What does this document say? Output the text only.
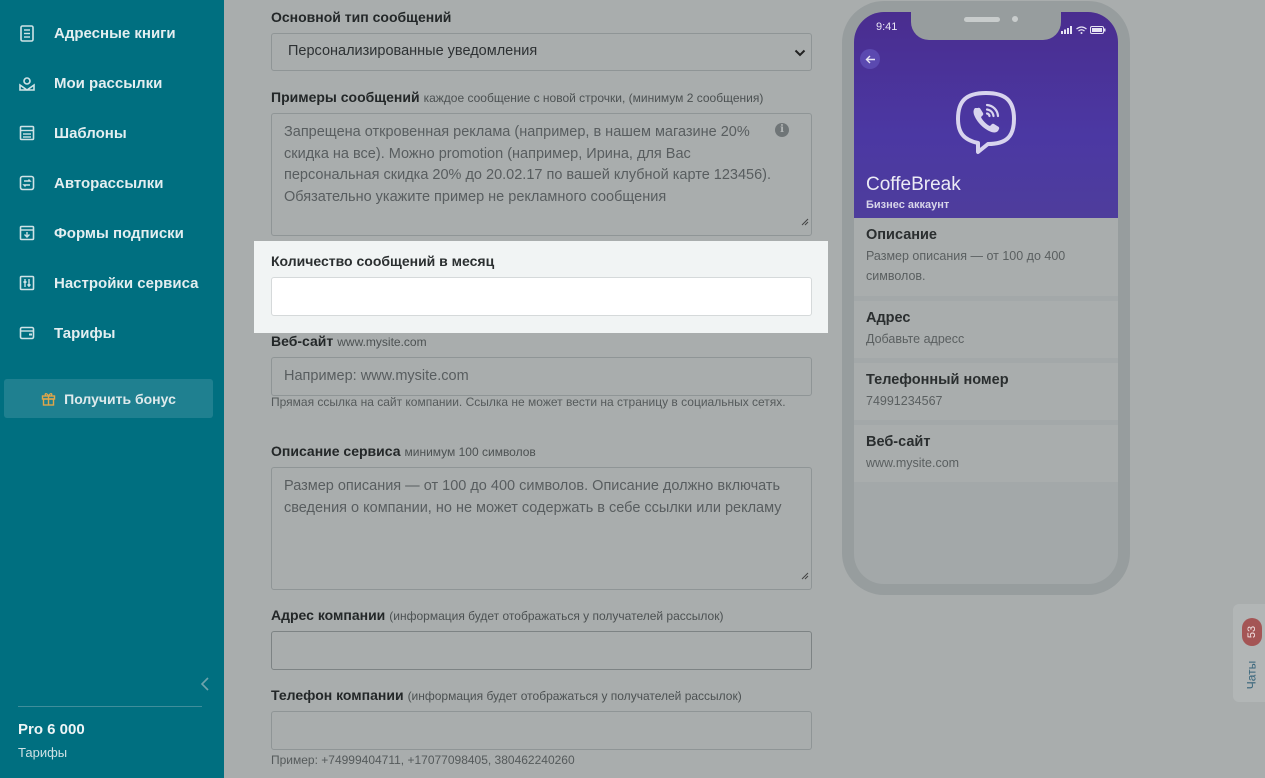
Адресные книги
Мои рассылки
Шаблоны
Авторассылки
Формы подписки
Настройки сервиса
Тарифы
Получить бонус
Pro 6 000
Тарифы
Основной тип сообщений
Персонализированные уведомления
Примеры сообщений каждое сообщение с новой строчки, (минимум 2 сообщения)
Запрещена откровенная реклама (например, в нашем магазине 20% скидка на все). Можно promotion (например, Ирина, для Вас персональная скидка 20% до 20.02.17 по вашей клубной карте 123456). Обязательно укажите пример не рекламного сообщения
i
Количество сообщений в месяц
Веб-сайт www.mysite.com
Например: www.mysite.com
Прямая ссылка на сайт компании. Ссылка не может вести на страницу в социальных сетях.
Описание сервиса минимум 100 символов
Размер описания — от 100 до 400 символов. Описание должно включать сведения о компании, но не может содержать в себе ссылки или рекламу
Адрес компании (информация будет отображаться у получателей рассылок)
Телефон компании (информация будет отображаться у получателей рассылок)
Пример: +74999404711, +17077098405, 380462240260
9:41
CoffeBreak
Бизнес аккаунт
Описание
Размер описания — от 100 до 400 символов.
Адрес
Добавьте адресс
Телефонный номер
74991234567
Веб-сайт
www.mysite.com
53
Чаты
